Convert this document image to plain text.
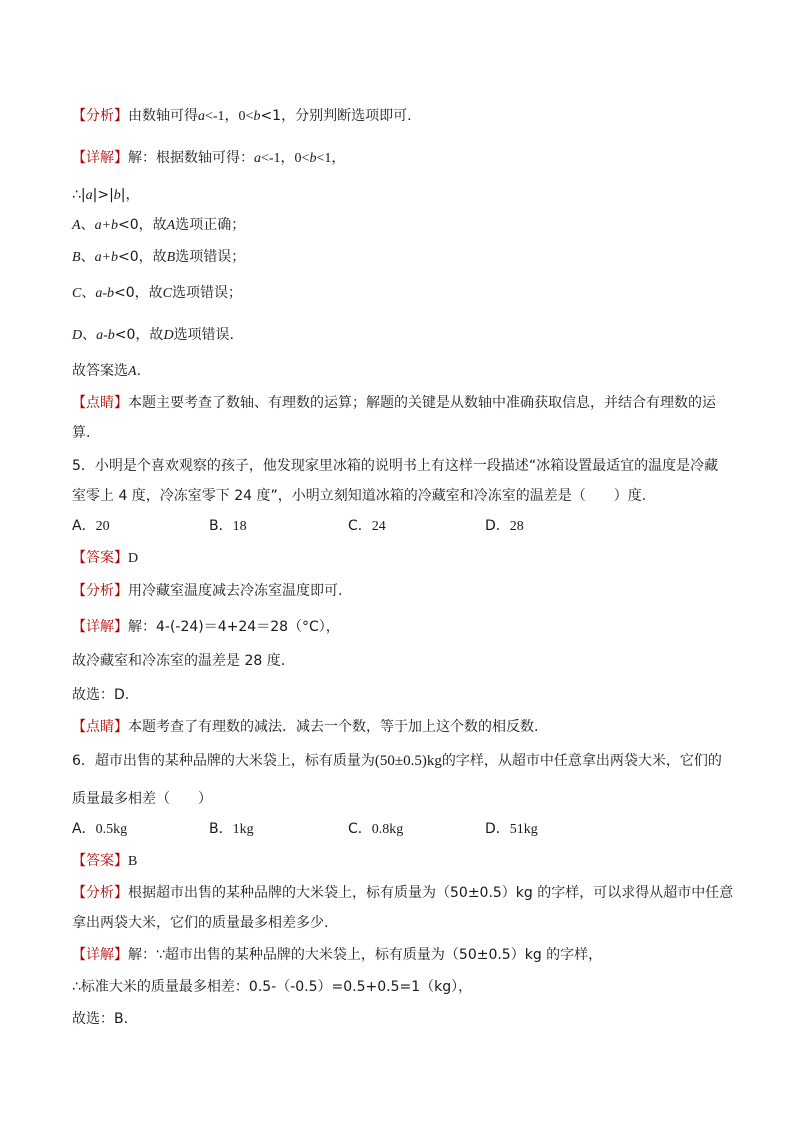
【分析】由数轴可得a<-1，0<b<1，分别判断选项即可.
【详解】解：根据数轴可得：a<-1，0<b<1，
∴|a|>|b|，
A、a+b<0，故A选项正确；
B、a+b<0，故B选项错误；
C、a-b<0，故C选项错误；
D、a-b<0，故D选项错误.
故答案选A.
【点睛】本题主要考查了数轴、有理数的运算；解题的关键是从数轴中准确获取信息，并结合有理数的运
算.
5．小明是个喜欢观察的孩子，他发现家里冰箱的说明书上有这样一段描述“冰箱设置最适宜的温度是冷藏
室零上 4 度，冷冻室零下 24 度”，小明立刻知道冰箱的冷藏室和冷冻室的温差是（　　）度.
A．20	B．18	C．24	D．28
【答案】D
【分析】用冷藏室温度减去冷冻室温度即可.
【详解】解：4-(-24)＝4+24＝28（°C），
故冷藏室和冷冻室的温差是 28 度.
故选：D.
【点睛】本题考查了有理数的减法．减去一个数，等于加上这个数的相反数.
6．超市出售的某种品牌的大米袋上，标有质量为(50±0.5)kg的字样，从超市中任意拿出两袋大米，它们的
质量最多相差（　　）
A．0.5kg	B．1kg	C．0.8kg	D．51kg
【答案】B
【分析】根据超市出售的某种品牌的大米袋上，标有质量为（50±0.5）kg 的字样，可以求得从超市中任意
拿出两袋大米，它们的质量最多相差多少.
【详解】解：∵超市出售的某种品牌的大米袋上，标有质量为（50±0.5）kg 的字样，
∴标准大米的质量最多相差：0.5-（-0.5）=0.5+0.5=1（kg），
故选：B.
